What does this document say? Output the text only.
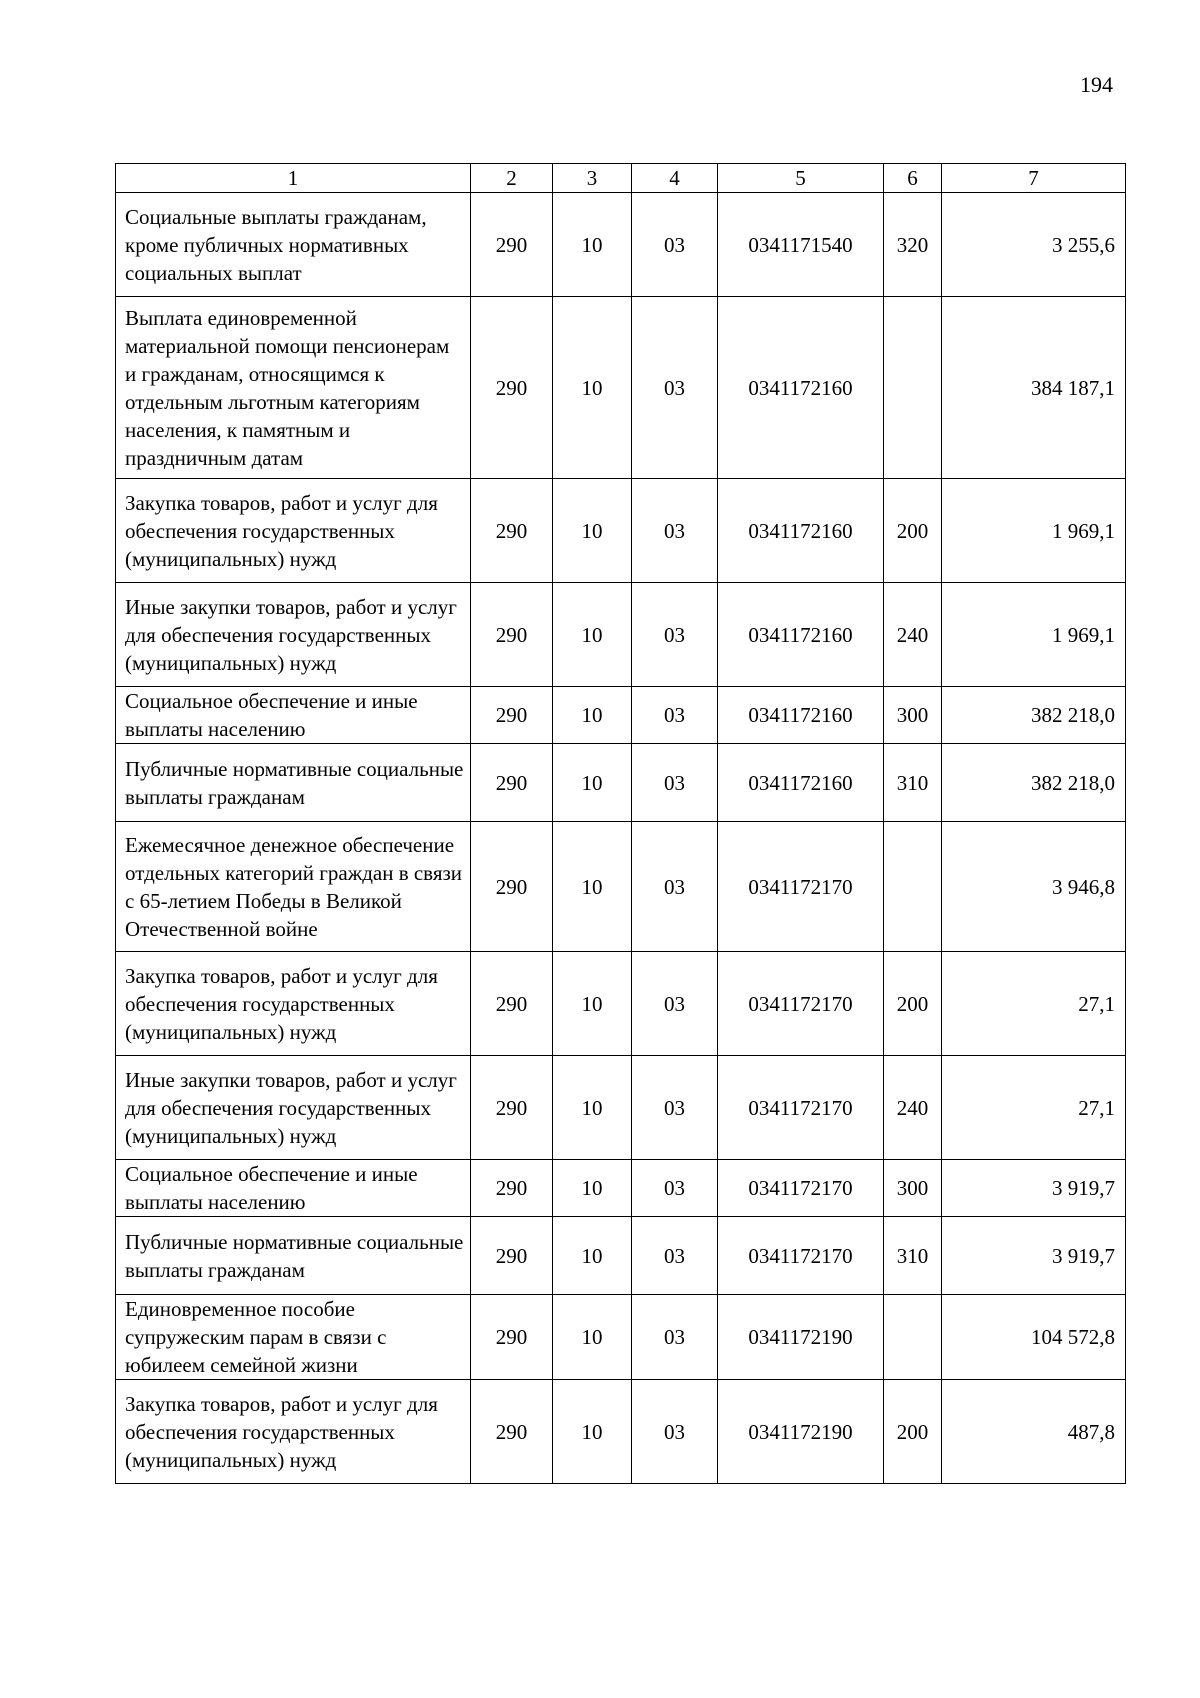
194
1	2	3	4	5	6	7
Социальные выплаты гражданам, кроме публичных нормативных социальных выплат	290	10	03	0341171540	320	3 255,6
Выплата единовременной материальной помощи пенсионерам и гражданам, относящимся к отдельным льготным категориям населения, к памятным и праздничным датам	290	10	03	0341172160		384 187,1
Закупка товаров, работ и услуг для обеспечения государственных (муниципальных) нужд	290	10	03	0341172160	200	1 969,1
Иные закупки товаров, работ и услуг для обеспечения государственных (муниципальных) нужд	290	10	03	0341172160	240	1 969,1
Социальное обеспечение и иные выплаты населению	290	10	03	0341172160	300	382 218,0
Публичные нормативные социальные выплаты гражданам	290	10	03	0341172160	310	382 218,0
Ежемесячное денежное обеспечение отдельных категорий граждан в связи с 65-летием Победы в Великой Отечественной войне	290	10	03	0341172170		3 946,8
Закупка товаров, работ и услуг для обеспечения государственных (муниципальных) нужд	290	10	03	0341172170	200	27,1
Иные закупки товаров, работ и услуг для обеспечения государственных (муниципальных) нужд	290	10	03	0341172170	240	27,1
Социальное обеспечение и иные выплаты населению	290	10	03	0341172170	300	3 919,7
Публичные нормативные социальные выплаты гражданам	290	10	03	0341172170	310	3 919,7
Единовременное пособие супружеским парам в связи с юбилеем семейной жизни	290	10	03	0341172190		104 572,8
Закупка товаров, работ и услуг для обеспечения государственных (муниципальных) нужд	290	10	03	0341172190	200	487,8
